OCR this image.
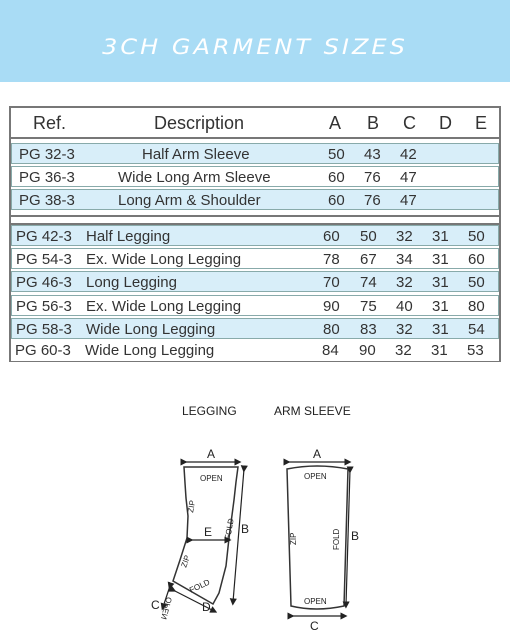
3CH GARMENT SIZES
Ref.	Description	A B C D E
PG 32-3	Half Arm Sleeve	50 43 42
PG 36-3	Wide Long Arm Sleeve	60 76 47
PG 38-3	Long Arm & Shoulder	60 76 47
PG 42-3 Half Legging	60 50 32 31 50
PG 54-3 Ex. Wide Long Legging	78 67 34 31 60
PG 46-3 Long Legging	70 74 32 31 50
PG 56-3 Ex. Wide Long Legging	90 75 40 31 80
PG 58-3 Wide Long Legging	80 83 32 31 54
PG 60-3 Wide Long Legging	84 90 32 31 53
LEGGING	ARM SLEEVE
A
B
E
C	D
OPEN
ZIP
FOLD
ZIP
FOLD
OPEN
A
B
C
OPEN
OPEN
ZIP	FOLD
